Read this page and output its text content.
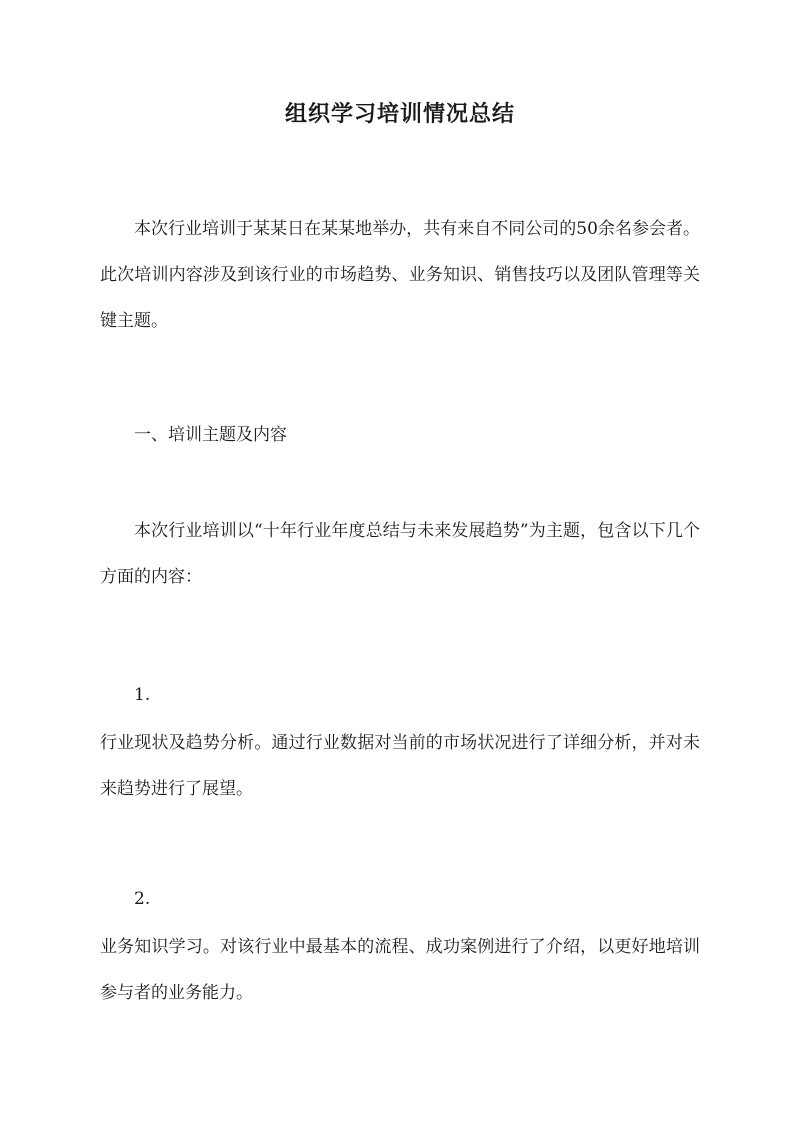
组织学习培训情况总结

本次行业培训于某某日在某某地举办，共有来自不同公司的50余名参会者。此次培训内容涉及到该行业的市场趋势、业务知识、销售技巧以及团队管理等关键主题。

一、培训主题及内容

本次行业培训以“十年行业年度总结与未来发展趋势”为主题，包含以下几个方面的内容：

1.

行业现状及趋势分析。通过行业数据对当前的市场状况进行了详细分析，并对未来趋势进行了展望。

2.

业务知识学习。对该行业中最基本的流程、成功案例进行了介绍，以更好地培训参与者的业务能力。
